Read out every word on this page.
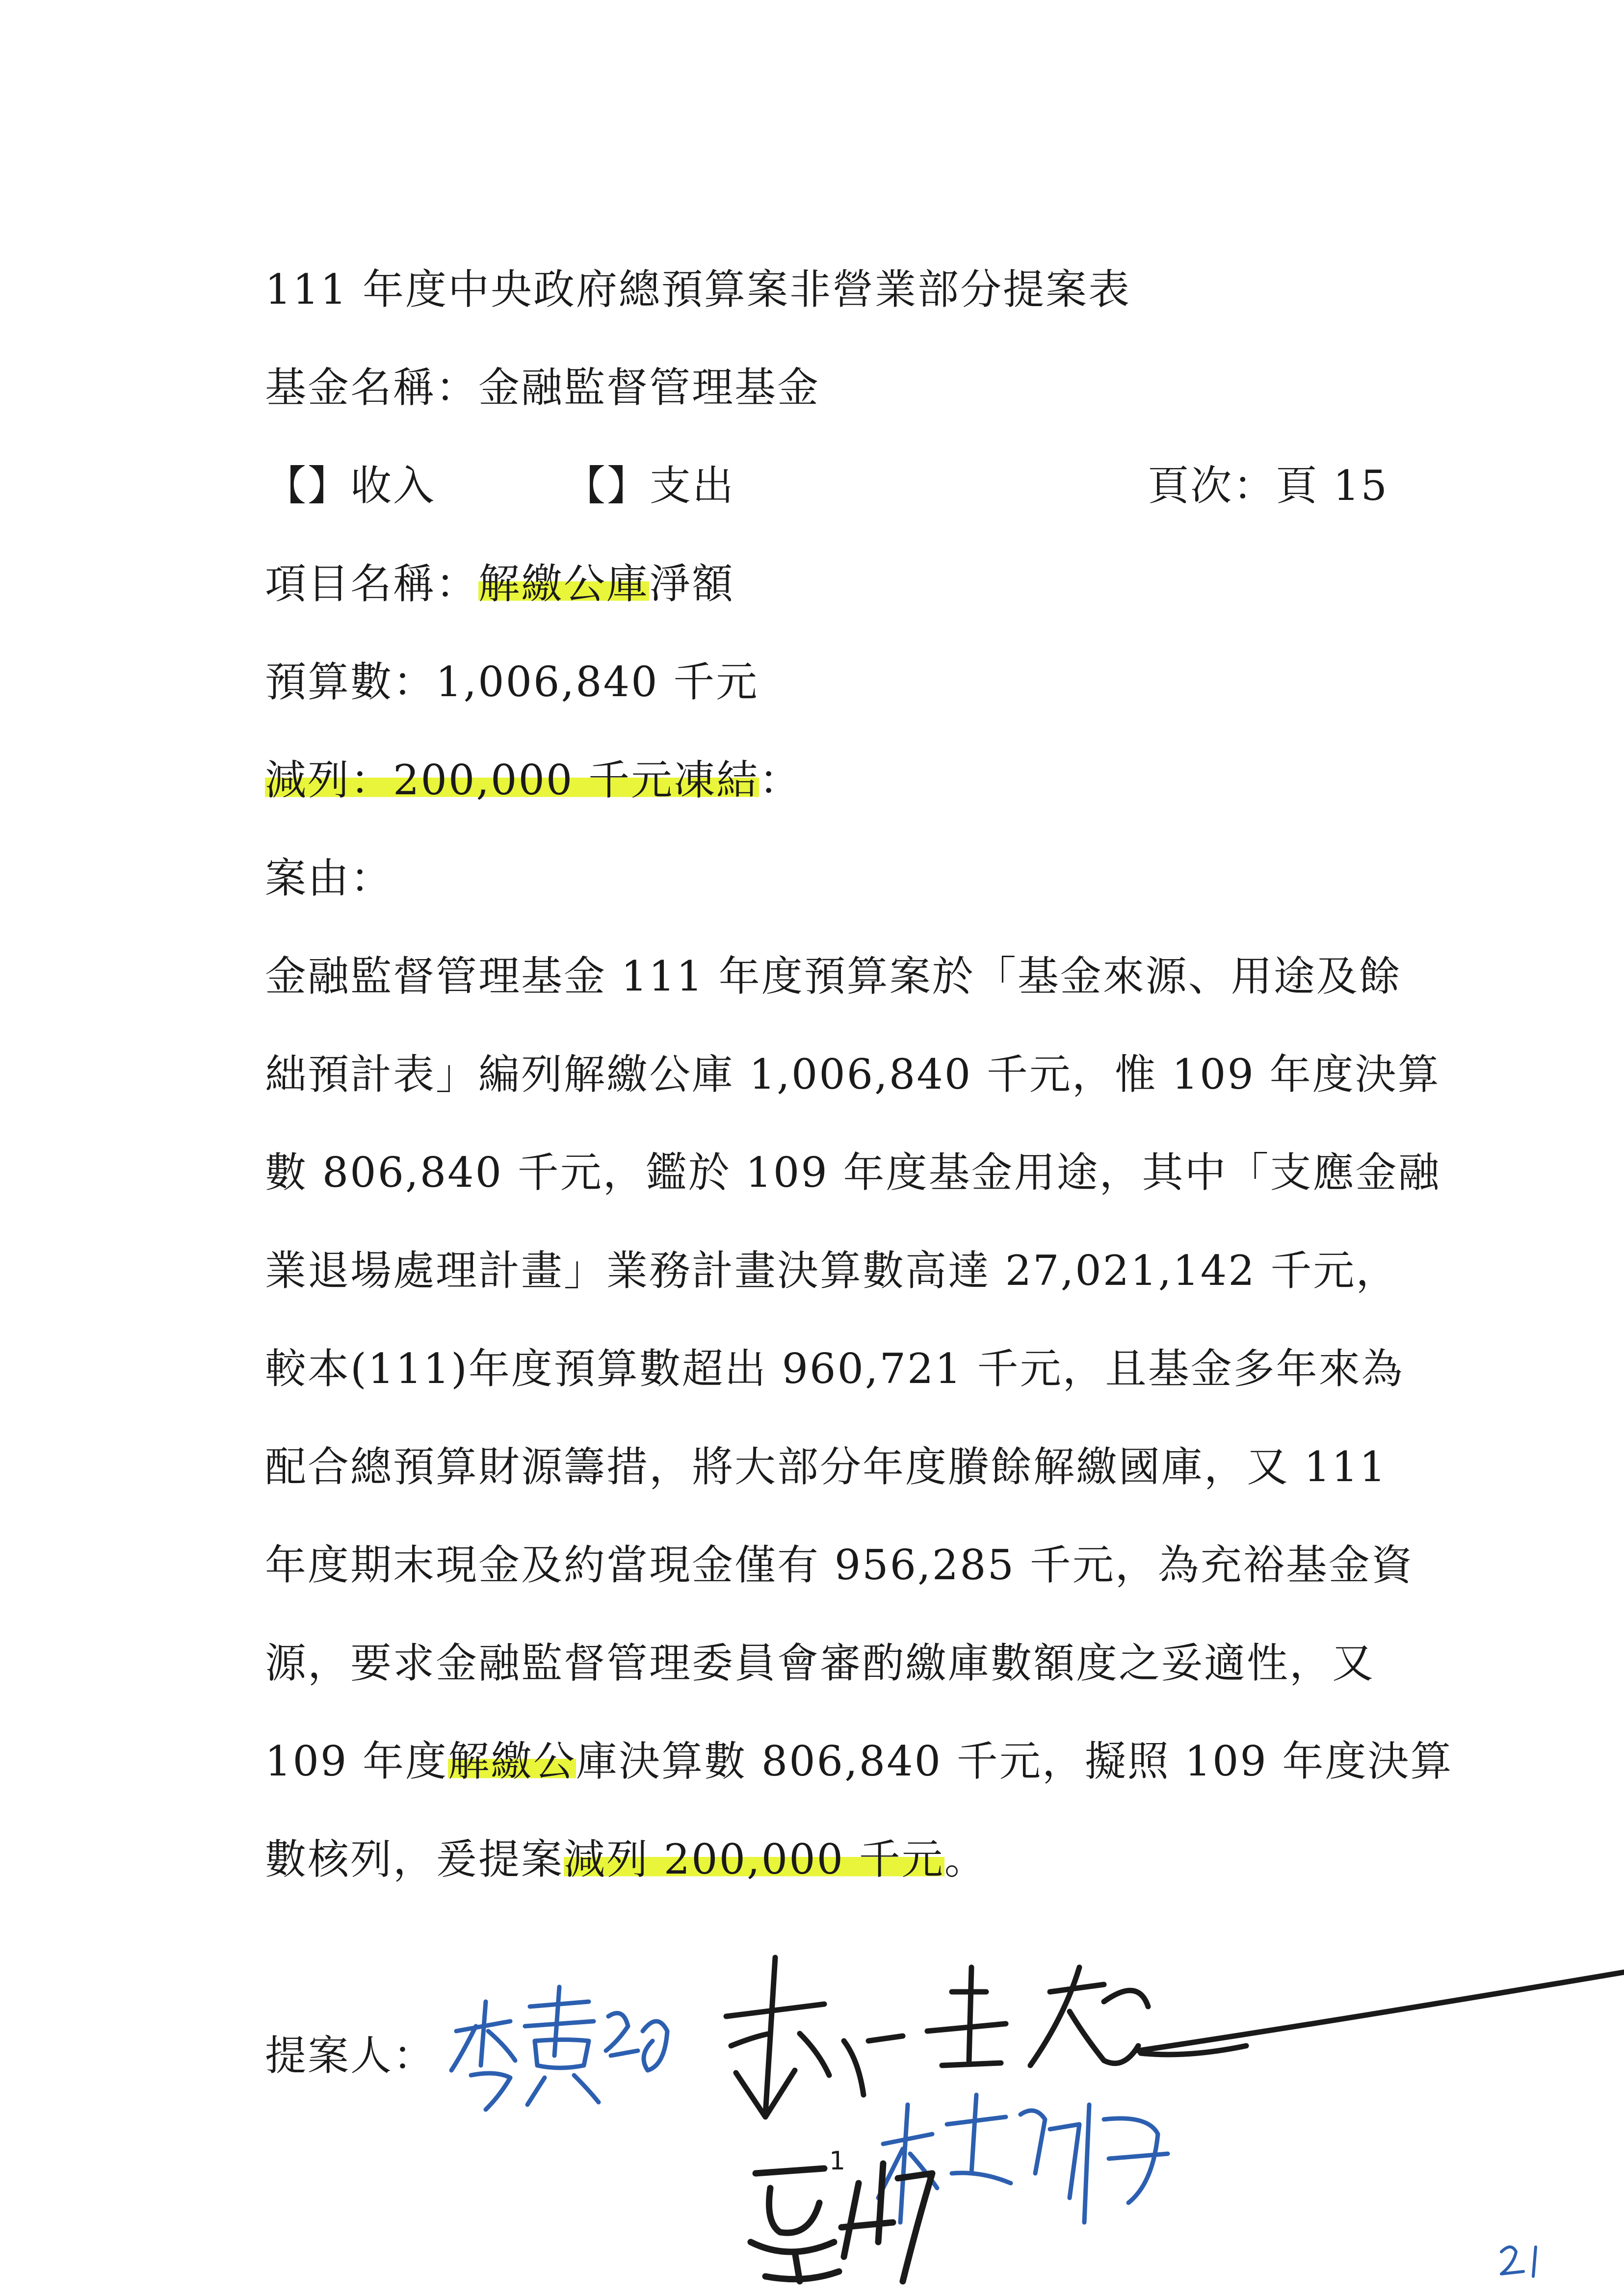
111 年度中央政府總預算案非營業部分提案表
基金名稱：金融監督管理基金
【】收入	【】支出	頁次：頁 15
項目名稱：解繳公庫淨額
預算數：1,006,840 千元
減列：200,000 千元凍結：
案由：
金融監督管理基金 111 年度預算案於「基金來源、用途及餘
絀預計表」編列解繳公庫 1,006,840 千元，惟 109 年度決算
數 806,840 千元，鑑於 109 年度基金用途，其中「支應金融
業退場處理計畫」業務計畫決算數高達 27,021,142 千元，
較本(111)年度預算數超出 960,721 千元，且基金多年來為
配合總預算財源籌措，將大部分年度賸餘解繳國庫，又 111
年度期末現金及約當現金僅有 956,285 千元，為充裕基金資
源，要求金融監督管理委員會審酌繳庫數額度之妥適性，又
109 年度解繳公庫決算數 806,840 千元，擬照 109 年度決算
數核列，爰提案減列 200,000 千元。
提案人：
1
